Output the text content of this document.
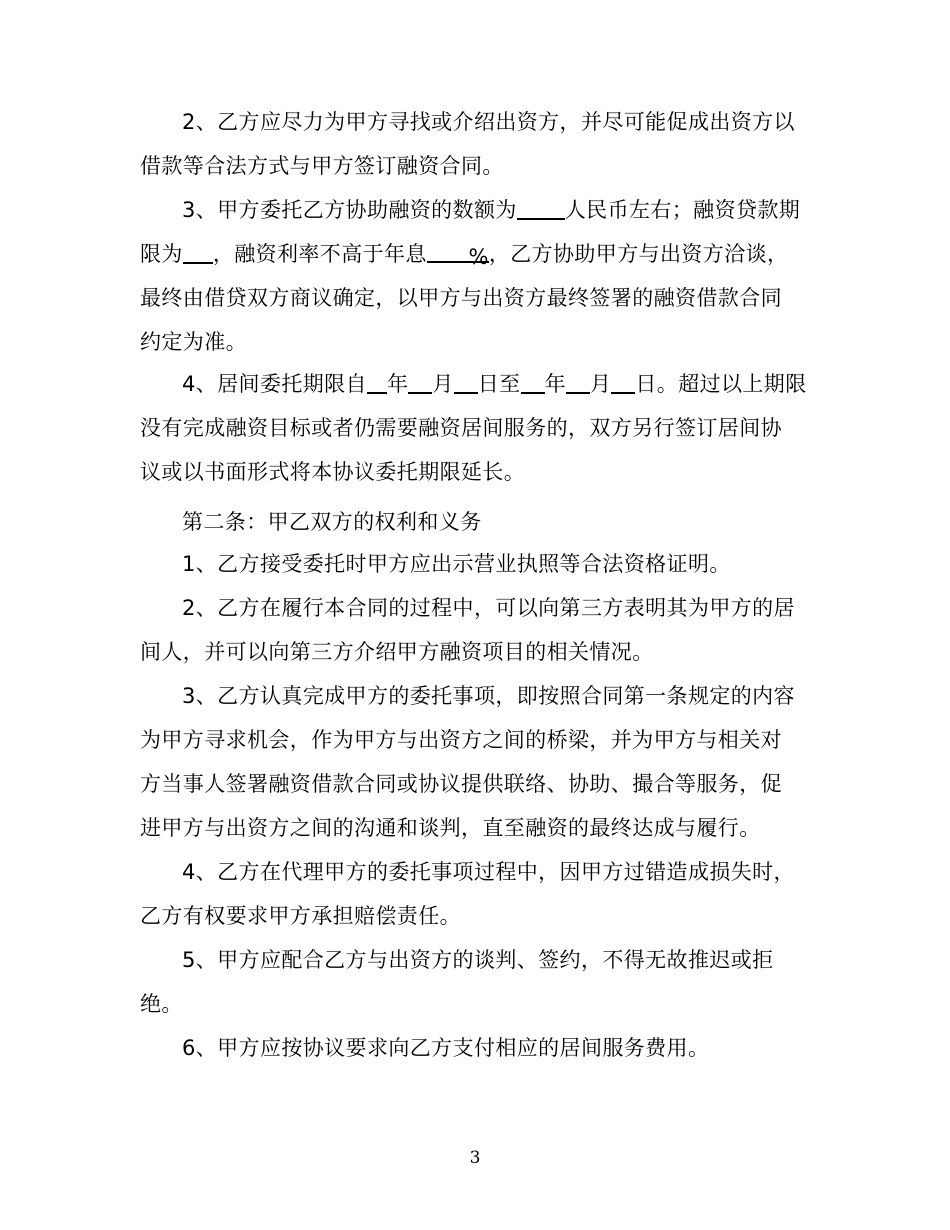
2、乙方应尽力为甲方寻找或介绍出资方，并尽可能促成出资方以
借款等合法方式与甲方签订融资合同。

3、甲方委托乙方协助融资的数额为 人民币左右；融资贷款期
限为 ，融资利率不高于年息 %，乙方协助甲方与出资方洽谈，
最终由借贷双方商议确定，以甲方与出资方最终签署的融资借款合同
约定为准。

4、居间委托期限自 年 月 日至 年 月 日。超过以上期限
没有完成融资目标或者仍需要融资居间服务的，双方另行签订居间协
议或以书面形式将本协议委托期限延长。

第二条：甲乙双方的权利和义务

1、乙方接受委托时甲方应出示营业执照等合法资格证明。

2、乙方在履行本合同的过程中，可以向第三方表明其为甲方的居
间人，并可以向第三方介绍甲方融资项目的相关情况。

3、乙方认真完成甲方的委托事项，即按照合同第一条规定的内容
为甲方寻求机会，作为甲方与出资方之间的桥梁，并为甲方与相关对
方当事人签署融资借款合同或协议提供联络、协助、撮合等服务，促
进甲方与出资方之间的沟通和谈判，直至融资的最终达成与履行。

4、乙方在代理甲方的委托事项过程中，因甲方过错造成损失时，
乙方有权要求甲方承担赔偿责任。

5、甲方应配合乙方与出资方的谈判、签约，不得无故推迟或拒
绝。

6、甲方应按协议要求向乙方支付相应的居间服务费用。

3
